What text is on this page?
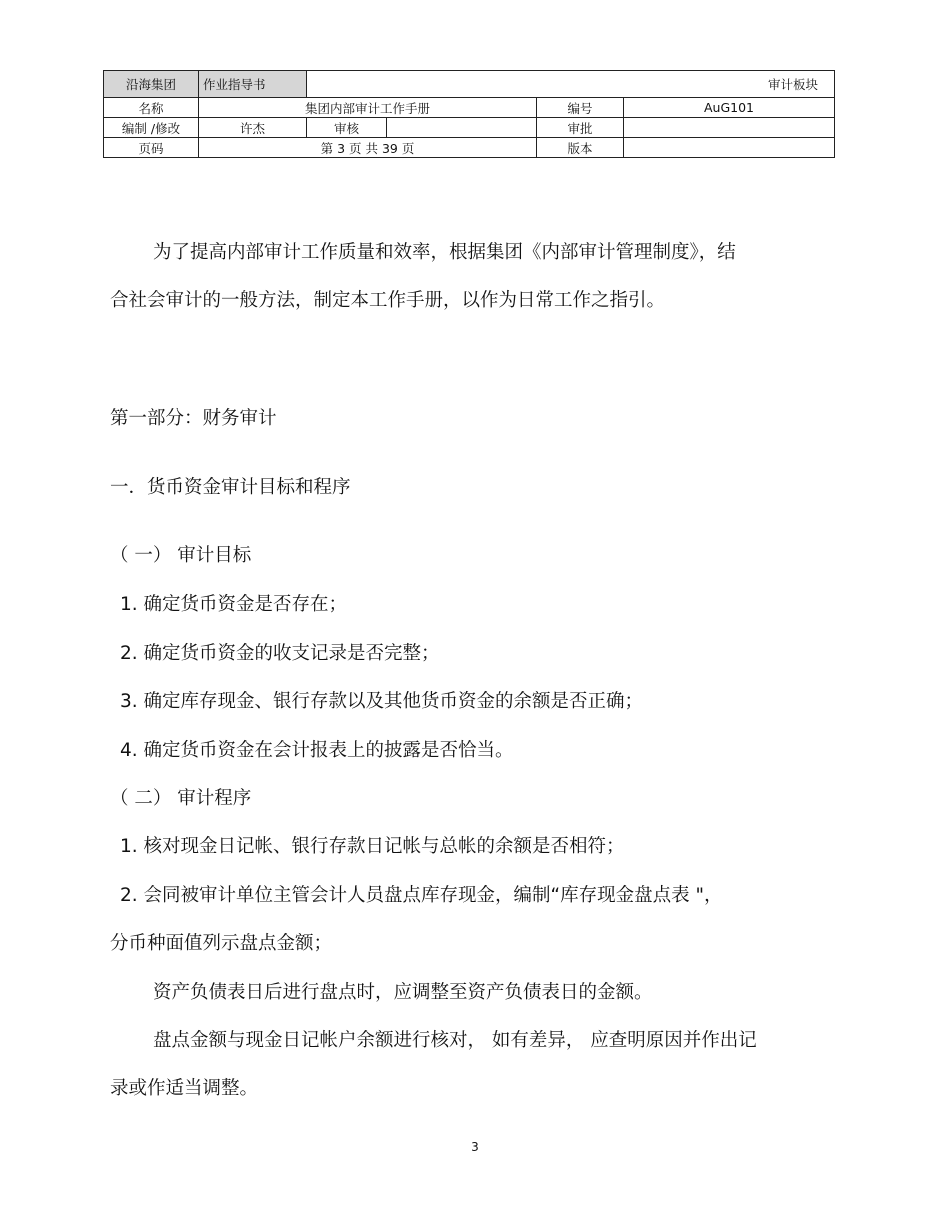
沿海集团	作业指导书	审计板块			
名称	集团内部审计工作手册			编号	AuG101
编制 /修改	许杰	审核		审批	
页码	第 3 页 共 39 页			版本	
为了提高内部审计工作质量和效率，根据集团《内部审计管理制度》，结
合社会审计的一般方法，制定本工作手册，以作为日常工作之指引。
第一部分：财务审计
一．货币资金审计目标和程序
（ 一） 审计目标
1. 确定货币资金是否存在；
2. 确定货币资金的收支记录是否完整；
3. 确定库存现金、银行存款以及其他货币资金的余额是否正确；
4. 确定货币资金在会计报表上的披露是否恰当。
（ 二） 审计程序
1. 核对现金日记帐、银行存款日记帐与总帐的余额是否相符；
2. 会同被审计单位主管会计人员盘点库存现金，编制“库存现金盘点表 "，
分币种面值列示盘点金额；
资产负债表日后进行盘点时，应调整至资产负债表日的金额。
盘点金额与现金日记帐户余额进行核对， 如有差异， 应查明原因并作出记
录或作适当调整。
3
